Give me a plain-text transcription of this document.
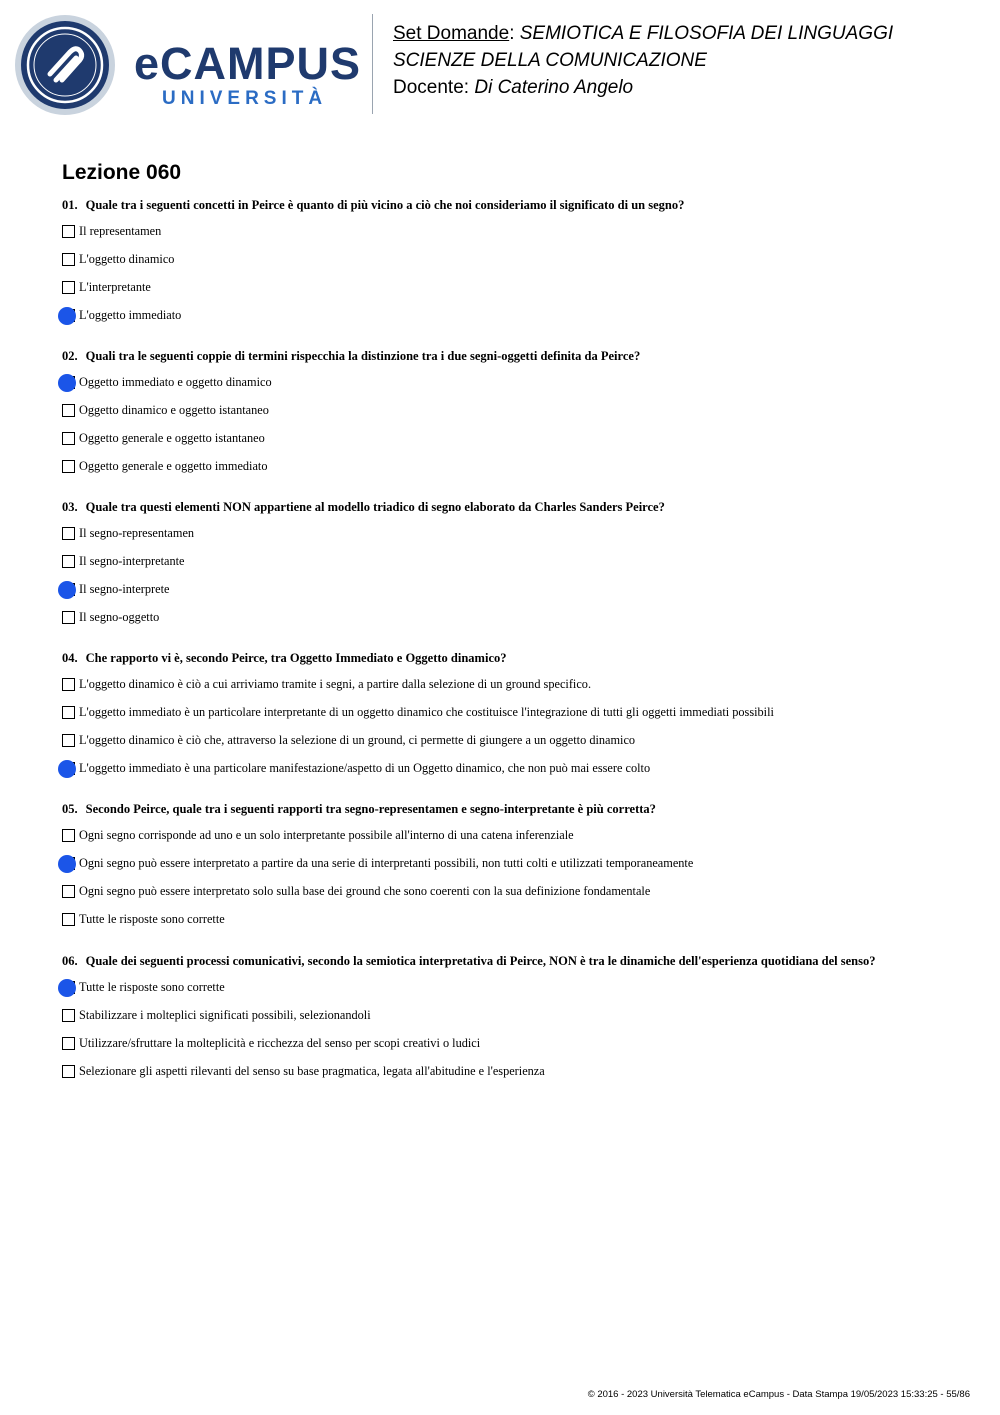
eCAMPUS
UNIVERSITÀ
Set Domande: SEMIOTICA E FILOSOFIA DEI LINGUAGGI
SCIENZE DELLA COMUNICAZIONE
Docente: Di Caterino Angelo
Lezione 060
01. Quale tra i seguenti concetti in Peirce è quanto di più vicino a ciò che noi consideriamo il significato di un segno?
Il representamen
L'oggetto dinamico
L'interpretante
L'oggetto immediato
02. Quali tra le seguenti coppie di termini rispecchia la distinzione tra i due segni-oggetti definita da Peirce?
Oggetto immediato e oggetto dinamico
Oggetto dinamico e oggetto istantaneo
Oggetto generale e oggetto istantaneo
Oggetto generale e oggetto immediato
03. Quale tra questi elementi NON appartiene al modello triadico di segno elaborato da Charles Sanders Peirce?
Il segno-representamen
Il segno-interpretante
Il segno-interprete
Il segno-oggetto
04. Che rapporto vi è, secondo Peirce, tra Oggetto Immediato e Oggetto dinamico?
L'oggetto dinamico è ciò a cui arriviamo tramite i segni, a partire dalla selezione di un ground specifico.
L'oggetto immediato è un particolare interpretante di un oggetto dinamico che costituisce l'integrazione di tutti gli oggetti immediati possibili
L'oggetto dinamico è ciò che, attraverso la selezione di un ground, ci permette di giungere a un oggetto dinamico
L'oggetto immediato è una particolare manifestazione/aspetto di un Oggetto dinamico, che non può mai essere colto
05. Secondo Peirce, quale tra i seguenti rapporti tra segno-representamen e segno-interpretante è più corretta?
Ogni segno corrisponde ad uno e un solo interpretante possibile all'interno di una catena inferenziale
Ogni segno può essere interpretato a partire da una serie di interpretanti possibili, non tutti colti e utilizzati temporaneamente
Ogni segno può essere interpretato solo sulla base dei ground che sono coerenti con la sua definizione fondamentale
Tutte le risposte sono corrette
06. Quale dei seguenti processi comunicativi, secondo la semiotica interpretativa di Peirce, NON è tra le dinamiche dell'esperienza quotidiana del senso?
Tutte le risposte sono corrette
Stabilizzare i molteplici significati possibili, selezionandoli
Utilizzare/sfruttare la molteplicità e ricchezza del senso per scopi creativi o ludici
Selezionare gli aspetti rilevanti del senso su base pragmatica, legata all'abitudine e l'esperienza
© 2016 - 2023 Università Telematica eCampus - Data Stampa 19/05/2023 15:33:25 - 55/86
